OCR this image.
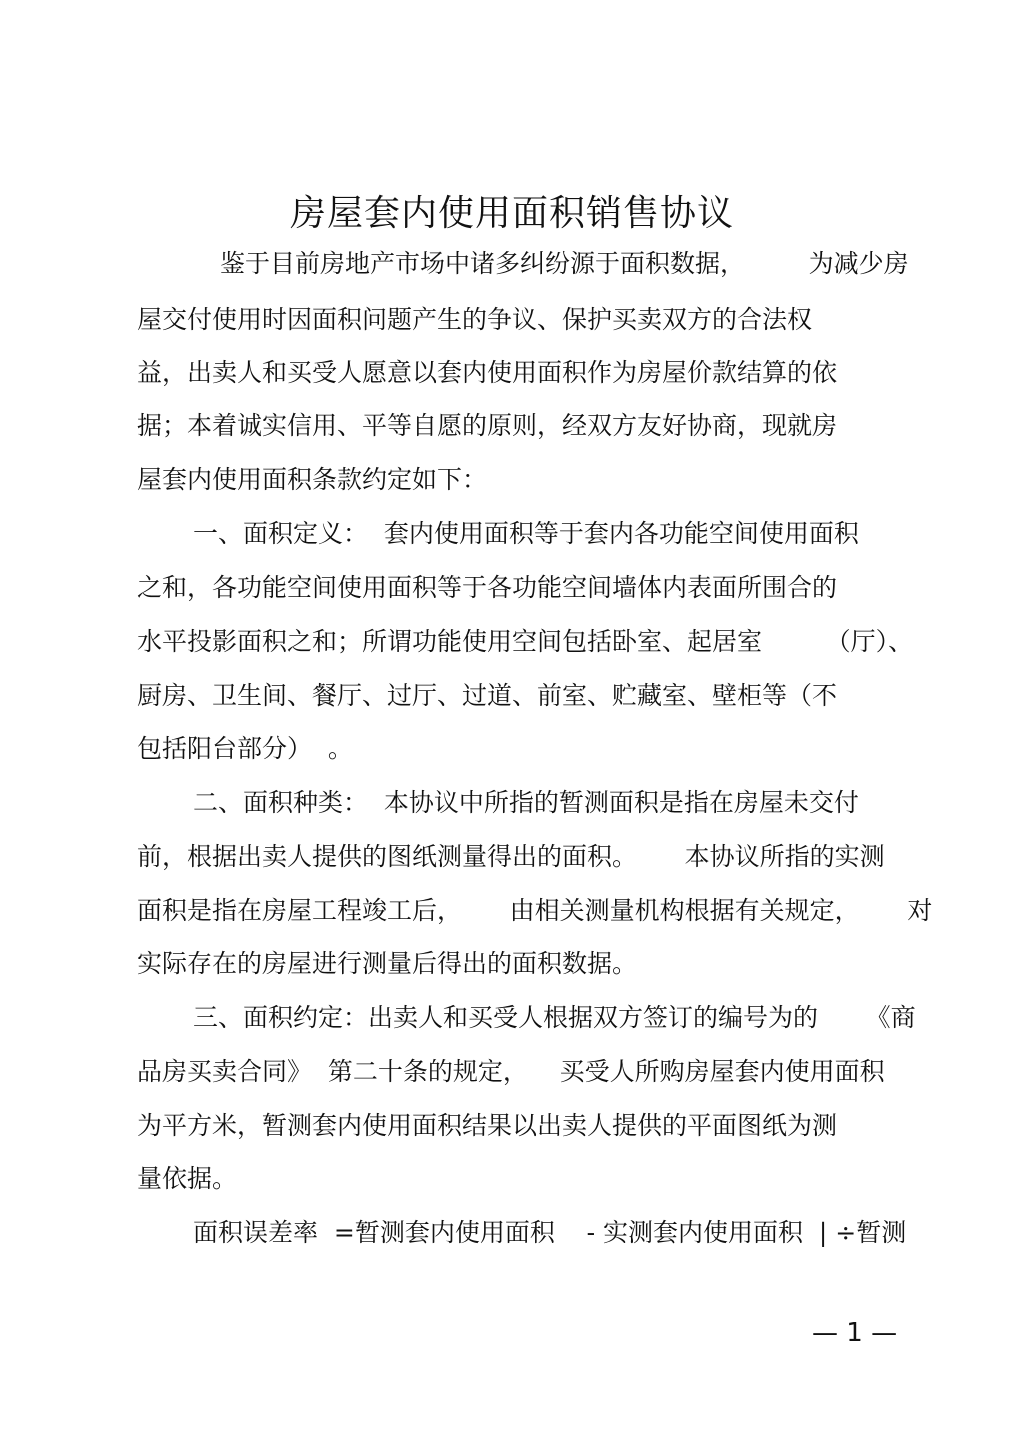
房屋套内使用面积销售协议
鉴于目前房地产市场中诸多纠纷源于面积数据，        为减少房
屋交付使用时因面积问题产生的争议、保护买卖双方的合法权
益，出卖人和买受人愿意以套内使用面积作为房屋价款结算的依
据；本着诚实信用、平等自愿的原则，经双方友好协商，现就房
屋套内使用面积条款约定如下：
一、面积定义：  套内使用面积等于套内各功能空间使用面积
之和，各功能空间使用面积等于各功能空间墙体内表面所围合的
水平投影面积之和；所谓功能使用空间包括卧室、起居室        （厅）、
厨房、卫生间、餐厅、过厅、过道、前室、贮藏室、壁柜等（不
包括阳台部分）  。
二、面积种类：  本协议中所指的暂测面积是指在房屋未交付
前，根据出卖人提供的图纸测量得出的面积。      本协议所指的实测
面积是指在房屋工程竣工后，      由相关测量机构根据有关规定，      对
实际存在的房屋进行测量后得出的面积数据。
三、面积约定：出卖人和买受人根据双方签订的编号为的      《商
品房买卖合同》  第二十条的规定，    买受人所购房屋套内使用面积
为平方米，暂测套内使用面积结果以出卖人提供的平面图纸为测
量依据。
面积误差率  =暂测套内使用面积    - 实测套内使用面积  | ÷暂测
— 1 —
